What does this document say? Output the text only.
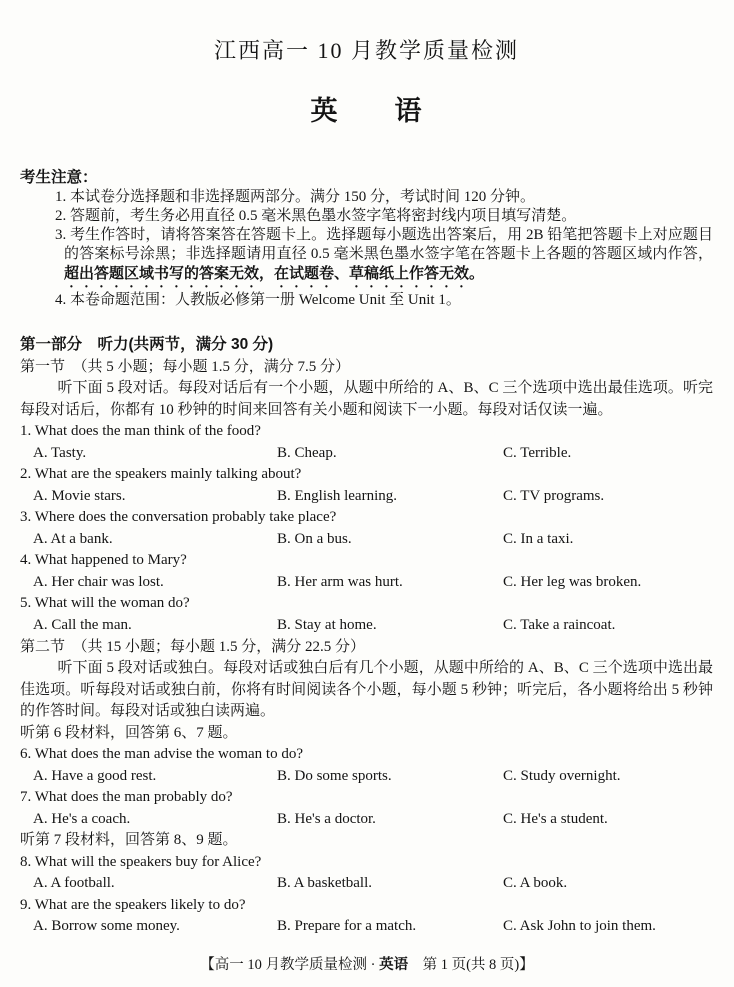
江西高一 10 月教学质量检测
英　　语
考生注意：

1. 本试卷分选择题和非选择题两部分。满分 150 分，考试时间 120 分钟。

2. 答题前，考生务必用直径 0.5 毫米黑色墨水签字笔将密封线内项目填写清楚。

3. 考生作答时，请将答案答在答题卡上。选择题每小题选出答案后，用 2B 铅笔把答题卡上对应题目的答案标号涂黑；非选择题请用直径 0.5 毫米黑色墨水签字笔在答题卡上各题的答题区域内作答，超出答题区域书写的答案无效，在试题卷、草稿纸上作答无效。

4. 本卷命题范围：人教版必修第一册 Welcome Unit 至 Unit 1。

第一部分　听力(共两节，满分 30 分)
第一节　（共 5 小题；每小题 1.5 分，满分 7.5 分）

听下面 5 段对话。每段对话后有一个小题，从题中所给的 A、B、C 三个选项中选出最佳选项。听完每段对话后，你都有 10 秒钟的时间来回答有关小题和阅读下一小题。每段对话仅读一遍。

1. What does the man think of the food?
A. Tasty.	B. Cheap.	C. Terrible.
2. What are the speakers mainly talking about?
A. Movie stars.	B. English learning.	C. TV programs.
3. Where does the conversation probably take place?
A. At a bank.	B. On a bus.	C. In a taxi.
4. What happened to Mary?
A. Her chair was lost.	B. Her arm was hurt.	C. Her leg was broken.
5. What will the woman do?
A. Call the man.	B. Stay at home.	C. Take a raincoat.
第二节　（共 15 小题；每小题 1.5 分，满分 22.5 分）

听下面 5 段对话或独白。每段对话或独白后有几个小题，从题中所给的 A、B、C 三个选项中选出最佳选项。听每段对话或独白前，你将有时间阅读各个小题，每小题 5 秒钟；听完后，各小题将给出 5 秒钟的作答时间。每段对话或独白读两遍。

听第 6 段材料，回答第 6、7 题。
6. What does the man advise the woman to do?
A. Have a good rest.	B. Do some sports.	C. Study overnight.
7. What does the man probably do?
A. He's a coach.	B. He's a doctor.	C. He's a student.
听第 7 段材料，回答第 8、9 题。
8. What will the speakers buy for Alice?
A. A football.	B. A basketball.	C. A book.
9. What are the speakers likely to do?
A. Borrow some money.	B. Prepare for a match.	C. Ask John to join them.
【高一 10 月教学质量检测 · 英语　第 1 页(共 8 页)】
